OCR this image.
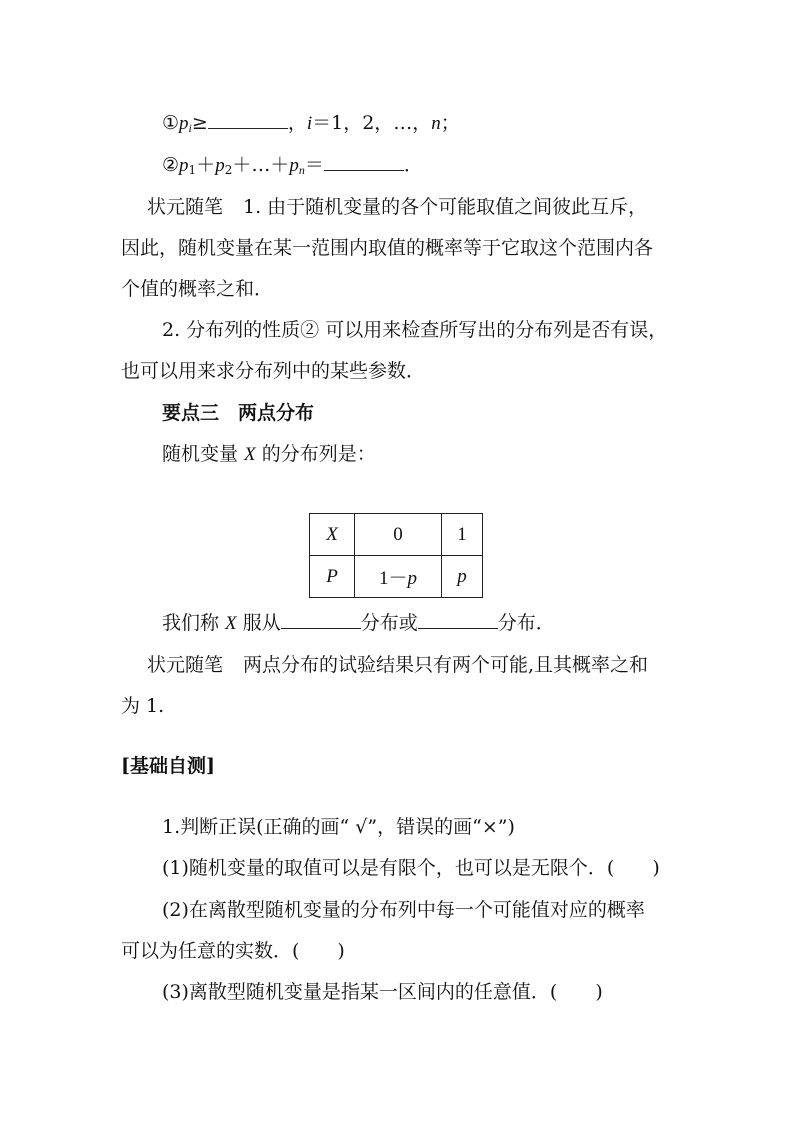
$①p_i\ge$	，i＝1，2，…，n；
$②p_1+p_2+\dots+p_n=$	．
状元随笔 1. 由于随机变量的各个可能取值之间彼此互斥，
因此，随机变量在某一范围内取值的概率等于它取这个范围内各
个值的概率之和．
2. 分布列的性质② 可以用来检查所写出的分布列是否有误，
也可以用来求分布列中的某些参数．
要点三　两点分布
随机变量 X 的分布列是：
X	0	1
P	1－p	p
我们称 X 服从	分布或	分布．
状元随笔 两点分布的试验结果只有两个可能,且其概率之和
为 1.
[基础自测]
1.判断正误(正确的画“ √”，错误的画“×”)
(1)随机变量的取值可以是有限个，也可以是无限个．(　　)
(2)在离散型随机变量的分布列中每一个可能值对应的概率
可以为任意的实数．(　　)
(3)离散型随机变量是指某一区间内的任意值．(　　)
